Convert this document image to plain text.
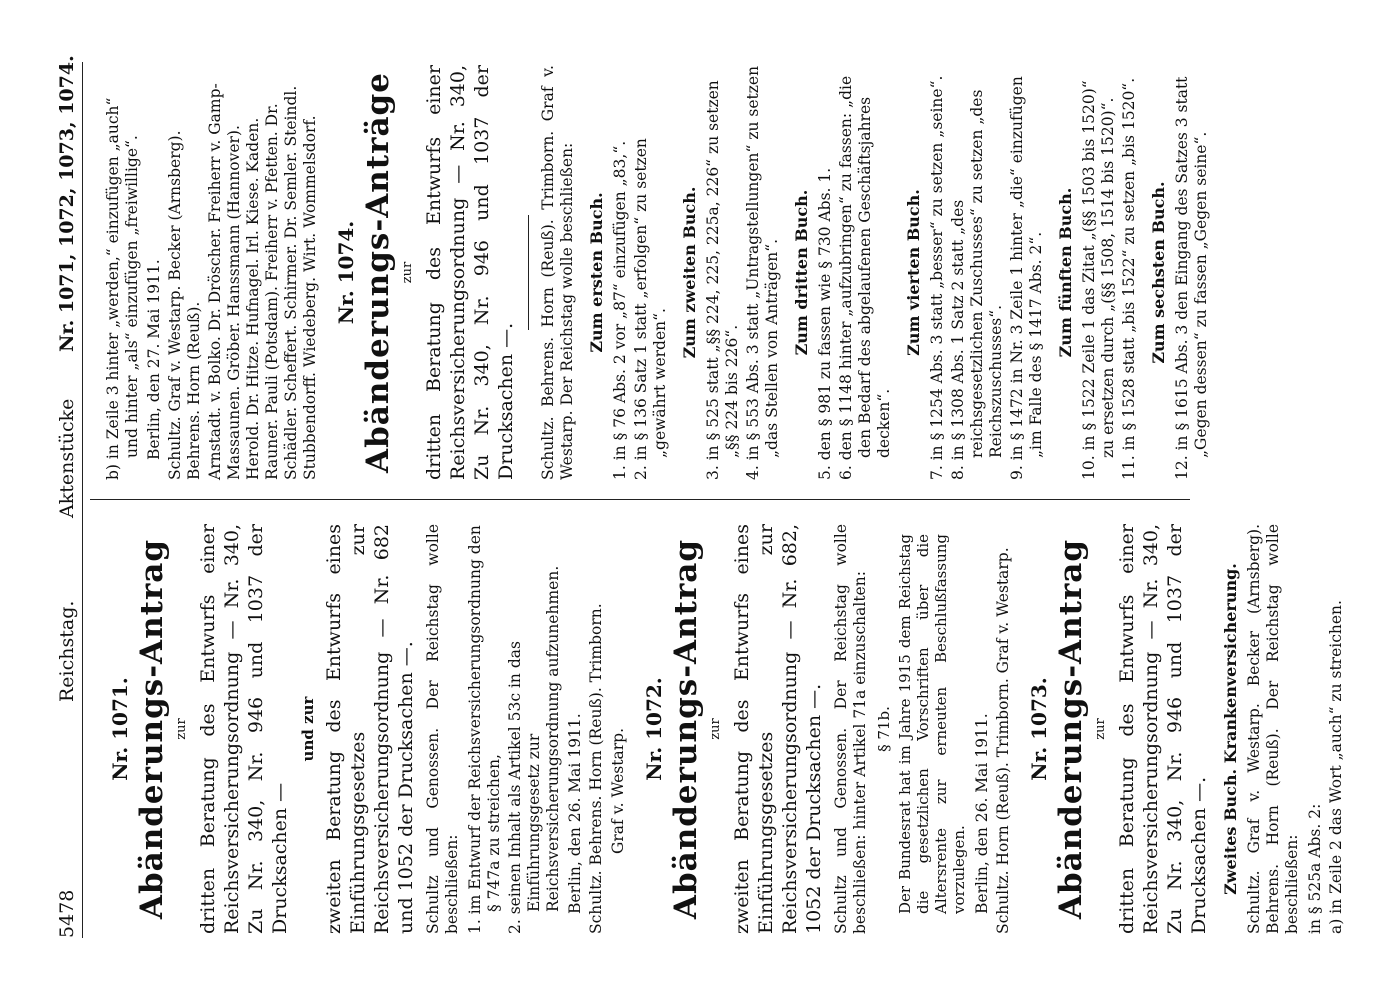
5478
Reichstag.
Aktenstücke
Nr. 1071, 1072, 1073, 1074.
Nr. 1071. Abänderungs-Antrag zur dritten Beratung des Entwurfs einer Reichsversicherungsordnung — Nr. 340, Zu Nr. 340, Nr. 946 und 1037 der Drucksachen —
und zur zweiten Beratung des Entwurfs eines Einführungsgesetzes zur Reichsversicherungsordnung — Nr. 682 und 1052 der Drucksachen —. Schultz und Genossen. Der Reichstag wolle beschließen: 1. im Entwurf der Reichsversicherungsordnung den § 747a zu streichen, 2. seinen Inhalt als Artikel 53c in das Einführungsgesetz zur Reichsversicherungsordnung aufzunehmen. Berlin, den 26. Mai 1911. Schultz. Behrens. Horn (Reuß). Trimborn. Graf v. Westarp. Nr. 1072. Abänderungs-Antrag zur zweiten Beratung des Entwurfs eines Einführungsgesetzes zur Reichsversicherungsordnung — Nr. 682, 1052 der Drucksachen —. Schultz und Genossen. Der Reichstag wolle beschließen: hinter Artikel 71a einzuschalten: § 71b. Der Bundesrat hat im Jahre 1915 dem Reichstag die gesetzlichen Vorschriften über die Altersrente zur erneuten Beschlußfassung vorzulegen. Berlin, den 26. Mai 1911. Schultz. Horn (Reuß). Trimborn. Graf v. Westarp. Nr. 1073. Abänderungs-Antrag zur dritten Beratung des Entwurfs einer Reichsversicherungsordnung — Nr. 340, Zu Nr. 340, Nr. 946 und 1037 der Drucksachen —. Zweites Buch. Krankenversicherung. Schultz. Graf v. Westarp. Becker (Arnsberg). Behrens. Horn (Reuß). Der Reichstag wolle beschließen: in § 525a Abs. 2: a) in Zeile 2 das Wort „auch“ zu streichen.
b) in Zeile 3 hinter „werden,“ einzufügen „auch“ und hinter „als“ einzufügen „freiwillige“. Berlin, den 27. Mai 1911. Schultz. Graf v. Westarp. Becker (Arnsberg). Behrens. Horn (Reuß). Arnstadt. v. Bolko. Dr. Dröscher. Freiherr v. Gamp-Massaunen. Gröber. Hanssmann (Hannover). Herold. Dr. Hitze. Hufnagel. Irl. Kiese. Kaden. Rauner. Pauli (Potsdam). Freiherr v. Pfetten. Dr. Schädler. Scheffert. Schirmer. Dr. Semler. Steindl. Stubbendorff. Wiedeberg. Wirt. Wommelsdorf. Nr. 1074. Abänderungs-Anträge zur dritten Beratung des Entwurfs einer Reichsversicherungsordnung — Nr. 340, Zu Nr. 340, Nr. 946 und 1037 der Drucksachen —. Schultz. Behrens. Horn (Reuß). Trimborn. Graf v. Westarp. Der Reichstag wolle beschließen: Zum ersten Buch. 1. in § 76 Abs. 2 vor „87“ einzufügen „83,“. 2. in § 136 Satz 1 statt „erfolgen“ zu setzen „gewährt werden“.
Zum zweiten Buch. 3. in § 525 statt „§§ 224, 225, 225a, 226“ zu setzen „§§ 224 bis 226“. 4. in § 553 Abs. 3 statt „Untragstellungen“ zu setzen „das Stellen von Anträgen“. Zum dritten Buch. 5. den § 981 zu fassen wie § 730 Abs. 1. 6. den § 1148 hinter „aufzubringen“ zu fassen: „die den Bedarf des abgelaufenen Geschäftsjahres decken“.
Zum vierten Buch. 7. in § 1254 Abs. 3 statt „besser“ zu setzen „seine“. 8. in § 1308 Abs. 1 Satz 2 statt „des reichsgesetzlichen Zuschusses“ zu setzen „des Reichszuschusses“. 9. in § 1472 in Nr. 3 Zeile 1 hinter „die“ einzufügen „im Falle des § 1417 Abs. 2“. Zum fünften Buch. 10. in § 1522 Zeile 1 das Zitat „(§§ 1503 bis 1520)“ zu ersetzen durch „(§§ 1508, 1514 bis 1520)“. 11. in § 1528 statt „bis 1522“ zu setzen „bis 1520“. Zum sechsten Buch. 12. in § 1615 Abs. 3 den Eingang des Satzes 3 statt „Gegen dessen“ zu fassen „Gegen seine“.
